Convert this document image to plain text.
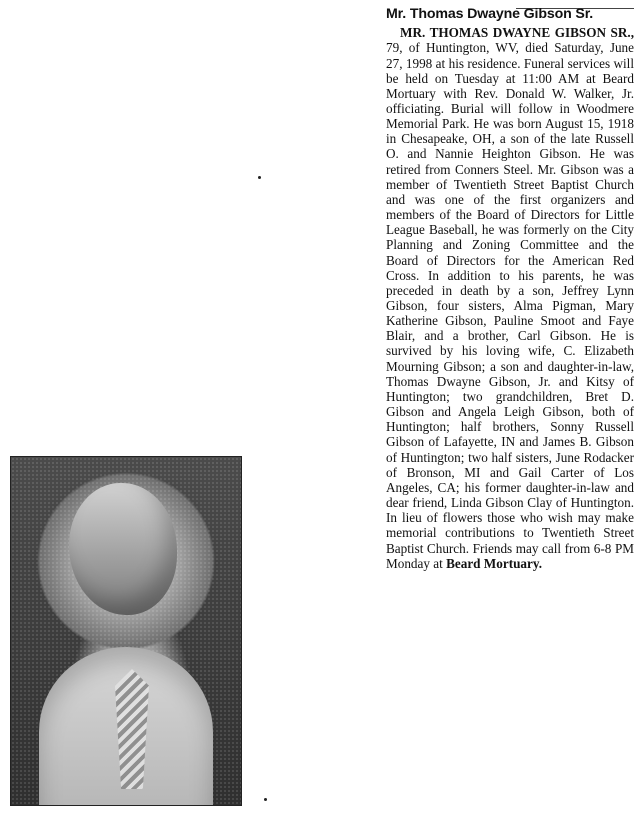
Mr. Thomas Dwayne Gibson Sr.

MR. THOMAS DWAYNE GIBSON SR., 79, of Huntington, WV, died Saturday, June 27, 1998 at his residence. Funeral services will be held on Tuesday at 11:00 AM at Beard Mortuary with Rev. Donald W. Walker, Jr. officiating. Burial will follow in Woodmere Memorial Park. He was born August 15, 1918 in Chesapeake, OH, a son of the late Russell O. and Nannie Heighton Gibson. He was retired from Conners Steel. Mr. Gibson was a member of Twentieth Street Baptist Church and was one of the first organizers and members of the Board of Directors for Little League Baseball, he was formerly on the City Planning and Zoning Committee and the Board of Directors for the American Red Cross. In addition to his parents, he was preceded in death by a son, Jeffrey Lynn Gibson, four sisters, Alma Pigman, Mary Katherine Gibson, Pauline Smoot and Faye Blair, and a brother, Carl Gibson. He is survived by his loving wife, C. Elizabeth Mourning Gibson; a son and daughter-in-law, Thomas Dwayne Gibson, Jr. and Kitsy of Huntington; two grandchildren, Bret D. Gibson and Angela Leigh Gibson, both of Huntington; half brothers, Sonny Russell Gibson of Lafayette, IN and James B. Gibson of Huntington; two half sisters, June Rodacker of Bronson, MI and Gail Carter of Los Angeles, CA; his former daughter-in-law and dear friend, Linda Gibson Clay of Huntington. In lieu of flowers those who wish may make memorial contributions to Twentieth Street Baptist Church. Friends may call from 6-8 PM Monday at Beard Mortuary.
